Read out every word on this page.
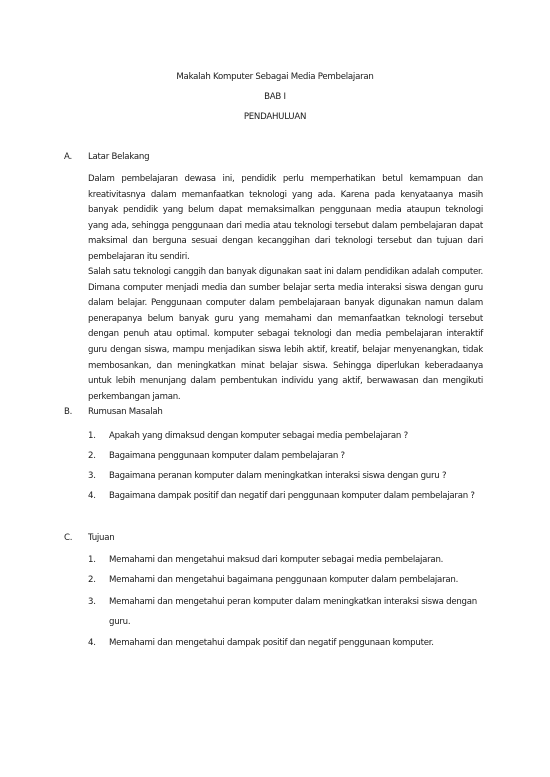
Makalah Komputer Sebagai Media Pembelajaran
BAB I
PENDAHULUAN
A. Latar Belakang
Dalam pembelajaran dewasa ini, pendidik perlu memperhatikan betul kemampuan dan kreativitasnya dalam memanfaatkan teknologi yang ada. Karena pada kenyataanya masih banyak pendidik yang belum dapat memaksimalkan penggunaan media ataupun teknologi yang ada, sehingga penggunaan dari media atau teknologi tersebut dalam pembelajaran dapat maksimal dan berguna sesuai dengan kecanggihan dari teknologi tersebut dan tujuan dari pembelajaran itu sendiri.
Salah satu teknologi canggih dan banyak digunakan saat ini dalam pendidikan adalah computer. Dimana computer menjadi media dan sumber belajar serta media interaksi siswa dengan guru dalam belajar. Penggunaan computer dalam pembelajaraan banyak digunakan namun dalam penerapanya belum banyak guru yang memahami dan memanfaatkan teknologi tersebut dengan penuh atau optimal. komputer sebagai teknologi dan media pembelajaran interaktif guru dengan siswa, mampu menjadikan siswa lebih aktif, kreatif, belajar menyenangkan, tidak membosankan, dan meningkatkan minat belajar siswa. Sehingga diperlukan keberadaanya untuk lebih menunjang dalam pembentukan individu yang aktif, berwawasan dan mengikuti perkembangan jaman.
B. Rumusan Masalah
1. Apakah yang dimaksud dengan komputer sebagai media pembelajaran ?
2. Bagaimana penggunaan komputer dalam pembelajaran ?
3. Bagaimana peranan komputer dalam meningkatkan interaksi siswa dengan guru ?
4. Bagaimana dampak positif dan negatif dari penggunaan komputer dalam pembelajaran ?
C. Tujuan
1. Memahami dan mengetahui maksud dari komputer sebagai media pembelajaran.
2. Memahami dan mengetahui bagaimana penggunaan komputer dalam pembelajaran.
3. Memahami dan mengetahui peran komputer dalam meningkatkan interaksi siswa dengan
guru.
4. Memahami dan mengetahui dampak positif dan negatif penggunaan komputer.
